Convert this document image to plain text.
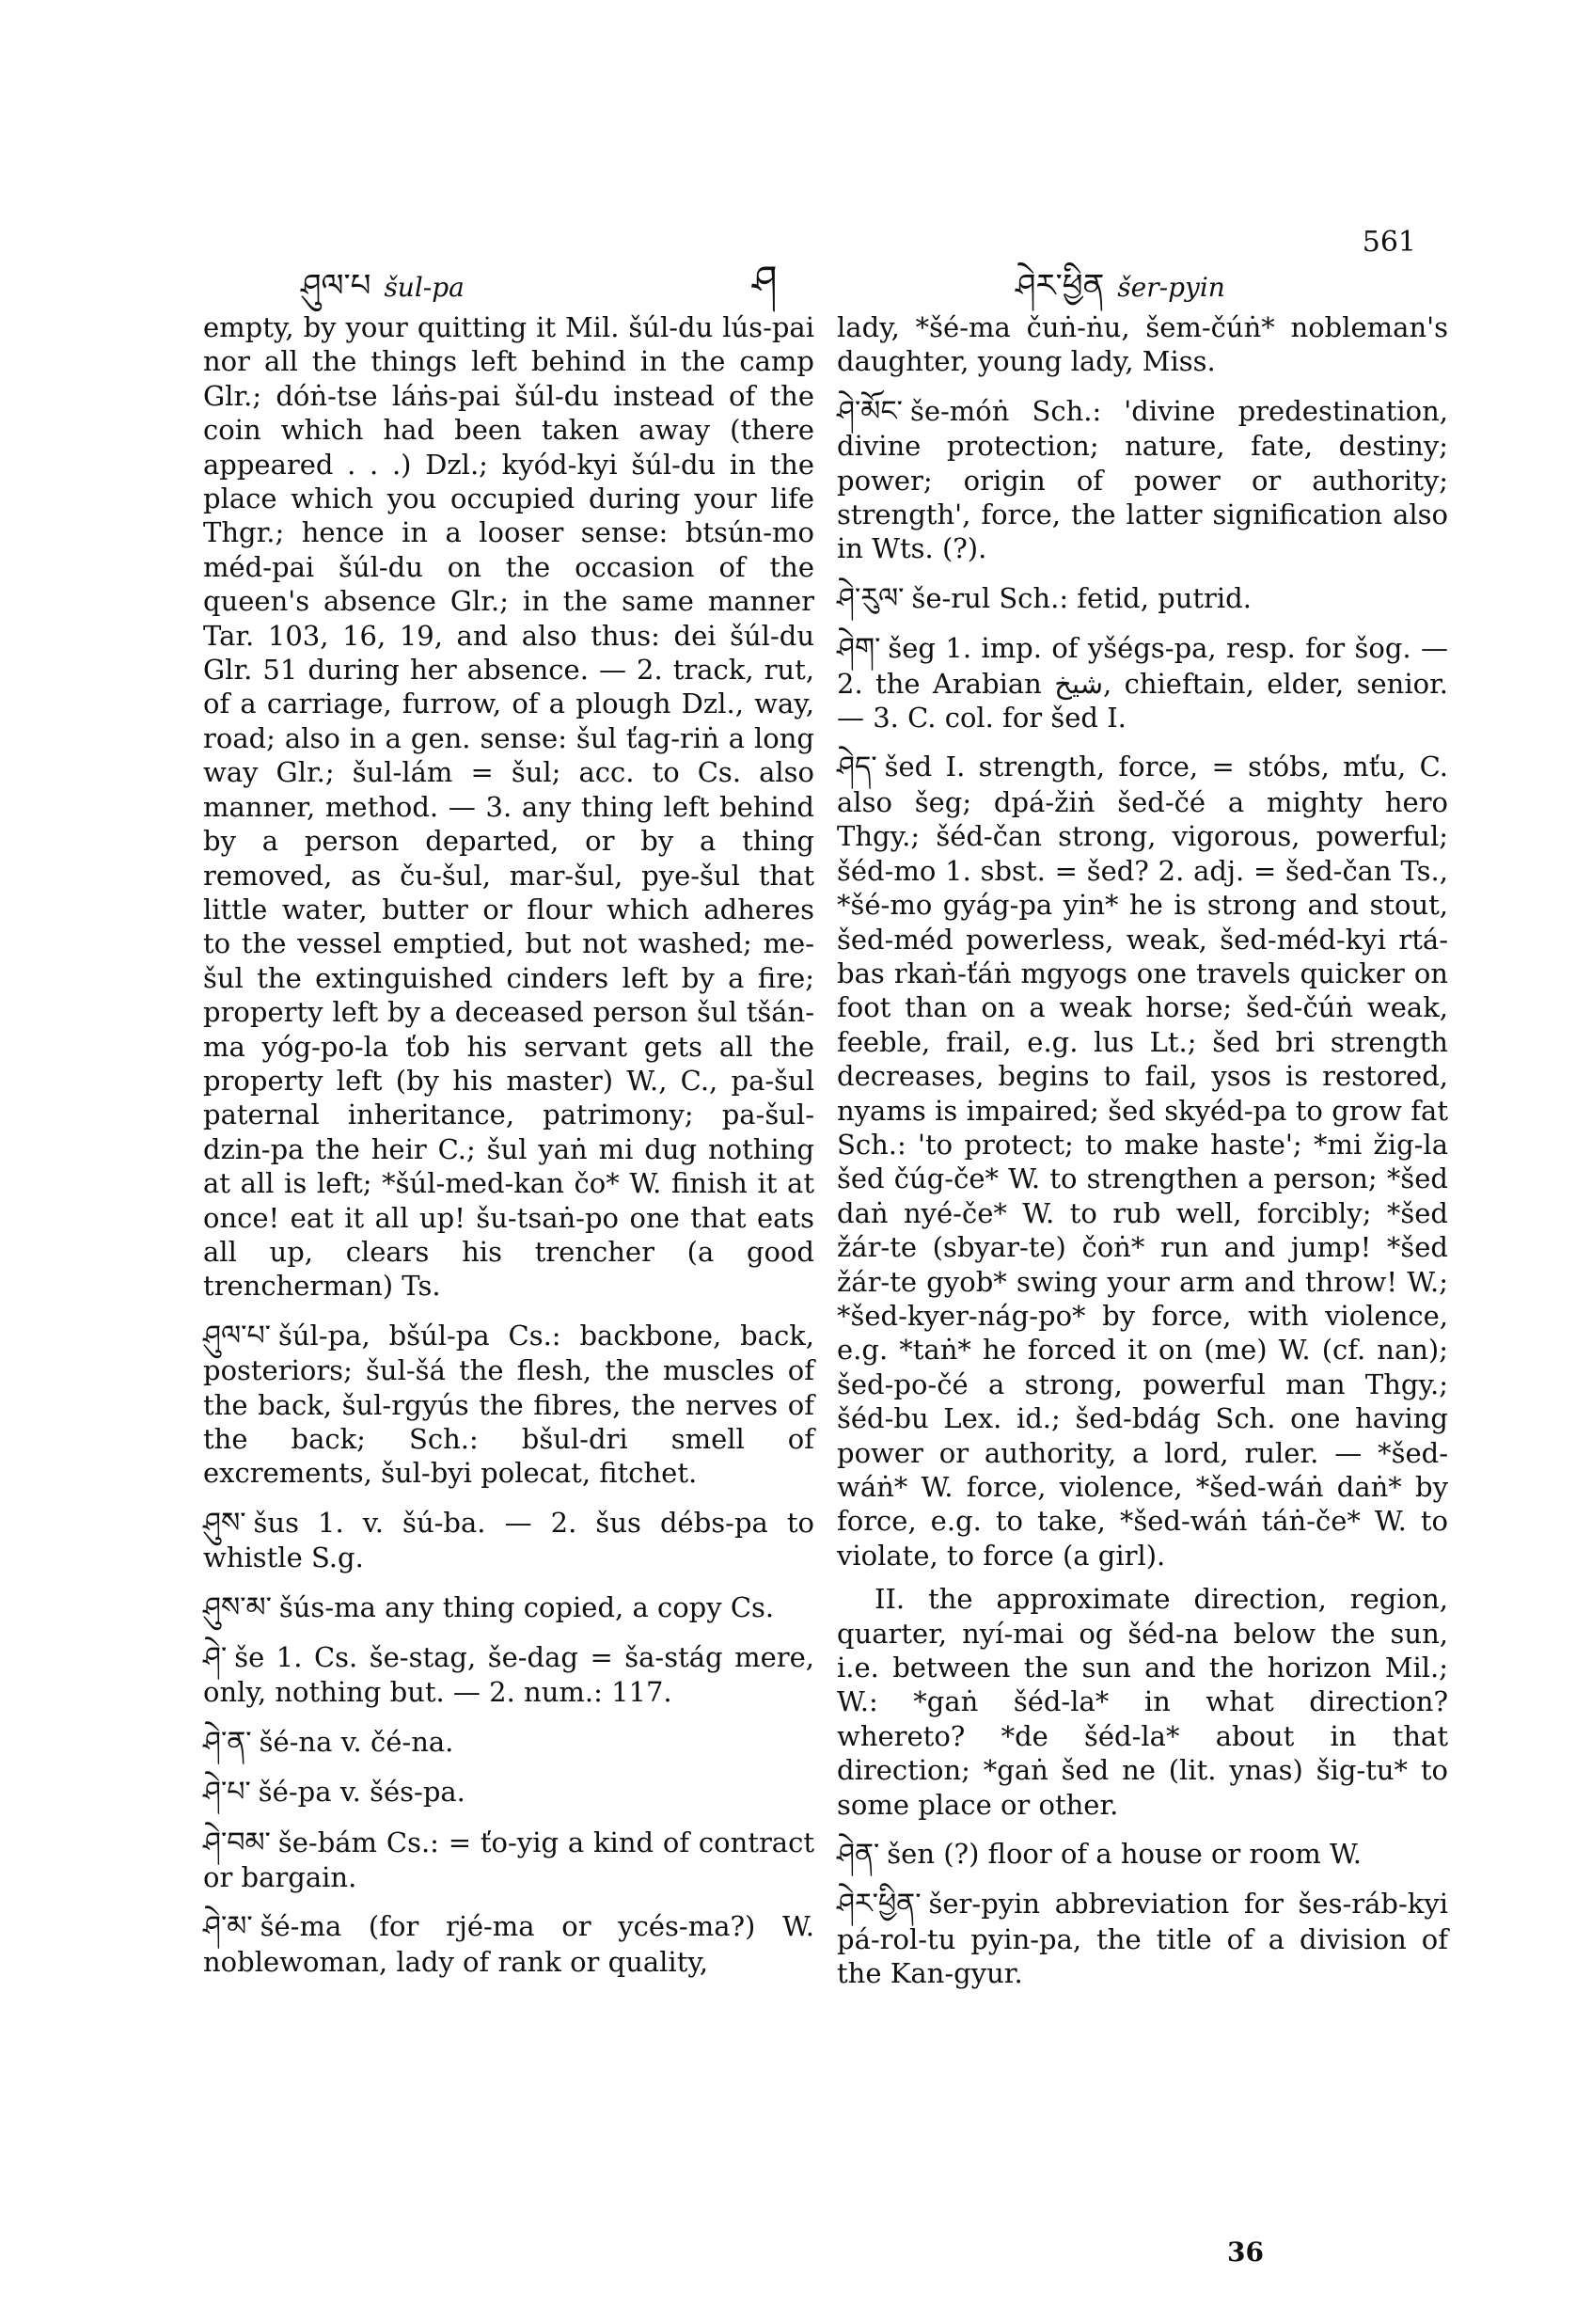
561
ཤུལ་པ šul-pa	ཤ	ཤེར་ཕྱིན šer-pyin

empty, by your quitting it Mil. šúl-du lús-pai nor all the things left behind in the camp Glr.; dóṅ-tse láṅs-pai šúl-du instead of the coin which had been taken away (there appeared . . .) Dzl.; kyód-kyi šúl-du in the place which you occupied during your life Thgr.; hence in a looser sense: btsún-mo méd-pai šúl-du on the occasion of the queen's absence Glr.; in the same manner Tar. 103, 16, 19, and also thus: dei šúl-du Glr. 51 during her absence. — 2. track, rut, of a carriage, furrow, of a plough Dzl., way, road; also in a gen. sense: šul ťag-riṅ a long way Glr.; šul-lám = šul; acc. to Cs. also manner, method. — 3. any thing left behind by a person departed, or by a thing removed, as ču-šul, mar-šul, pye-šul that little water, butter or flour which adheres to the vessel emptied, but not washed; me-šul the extinguished cinders left by a fire; property left by a deceased person šul tšán-ma yóg-po-la ťob his servant gets all the property left (by his master) W., C., pa-šul paternal inheritance, patrimony; pa-šul-dzin-pa the heir C.; šul yaṅ mi dug nothing at all is left; *šúl-med-kan čo* W. finish it at once! eat it all up! šu-tsaṅ-po one that eats all up, clears his trencher (a good trencherman) Ts.

ཤུལ་པ་ šúl-pa, bšúl-pa Cs.: backbone, back, posteriors; šul-šá the flesh, the muscles of the back, šul-rgyús the fibres, the nerves of the back; Sch.: bšul-dri smell of excrements, šul-byi polecat, fitchet.

ཤུས་ šus 1. v. šú-ba. — 2. šus débs-pa to whistle S.g.

ཤུས་མ་ šús-ma any thing copied, a copy Cs.

ཤེ་ še 1. Cs. še-stag, še-dag = ša-stág mere, only, nothing but. — 2. num.: 117.

ཤེ་ན་ šé-na v. čé-na.

ཤེ་པ་ šé-pa v. šés-pa.

ཤེ་བམ་ še-bám Cs.: = ťo-yig a kind of contract or bargain.

ཤེ་མ་ šé-ma (for rjé-ma or ycés-ma?) W. noblewoman, lady of rank or quality,

lady, *šé-ma čuṅ-ṅu, šem-čúṅ* nobleman's daughter, young lady, Miss.

ཤེ་མོང་ še-móṅ Sch.: 'divine predestination, divine protection; nature, fate, destiny; power; origin of power or authority; strength', force, the latter signification also in Wts. (?).

ཤེ་རུལ་ še-rul Sch.: fetid, putrid.

ཤེག་ šeg 1. imp. of yšégs-pa, resp. for šog. — 2. the Arabian شيخ, chieftain, elder, senior. — 3. C. col. for šed I.

ཤེད་ šed I. strength, force, = stóbs, mťu, C. also šeg; dpá-žiṅ šed-čé a mighty hero Thgy.; šéd-čan strong, vigorous, powerful; šéd-mo 1. sbst. = šed? 2. adj. = šed-čan Ts., *šé-mo gyág-pa yin* he is strong and stout, šed-méd powerless, weak, šed-méd-kyi rtá-bas rkaṅ-ťáṅ mgyogs one travels quicker on foot than on a weak horse; šed-čúṅ weak, feeble, frail, e.g. lus Lt.; šed bri strength decreases, begins to fail, ysos is restored, nyams is impaired; šed skyéd-pa to grow fat Sch.: 'to protect; to make haste'; *mi žig-la šed čúg-če* W. to strengthen a person; *šed daṅ nyé-če* W. to rub well, forcibly; *šed žár-te (sbyar-te) čoṅ* run and jump! *šed žár-te gyob* swing your arm and throw! W.; *šed-kyer-nág-po* by force, with violence, e.g. *taṅ* he forced it on (me) W. (cf. nan); šed-po-čé a strong, powerful man Thgy.; šéd-bu Lex. id.; šed-bdág Sch. one having power or authority, a lord, ruler. — *šed-wáṅ* W. force, violence, *šed-wáṅ daṅ* by force, e.g. to take, *šed-wáṅ táṅ-če* W. to violate, to force (a girl).

II. the approximate direction, region, quarter, nyí-mai og šéd-na below the sun, i.e. between the sun and the horizon Mil.; W.: *gaṅ šéd-la* in what direction? whereto? *de šéd-la* about in that direction; *gaṅ šed ne (lit. ynas) šig-tu* to some place or other.

ཤེན་ šen (?) floor of a house or room W.

ཤེར་ཕྱིན་ šer-pyin abbreviation for šes-ráb-kyi pá-rol-tu pyin-pa, the title of a division of the Kan-gyur.

36
